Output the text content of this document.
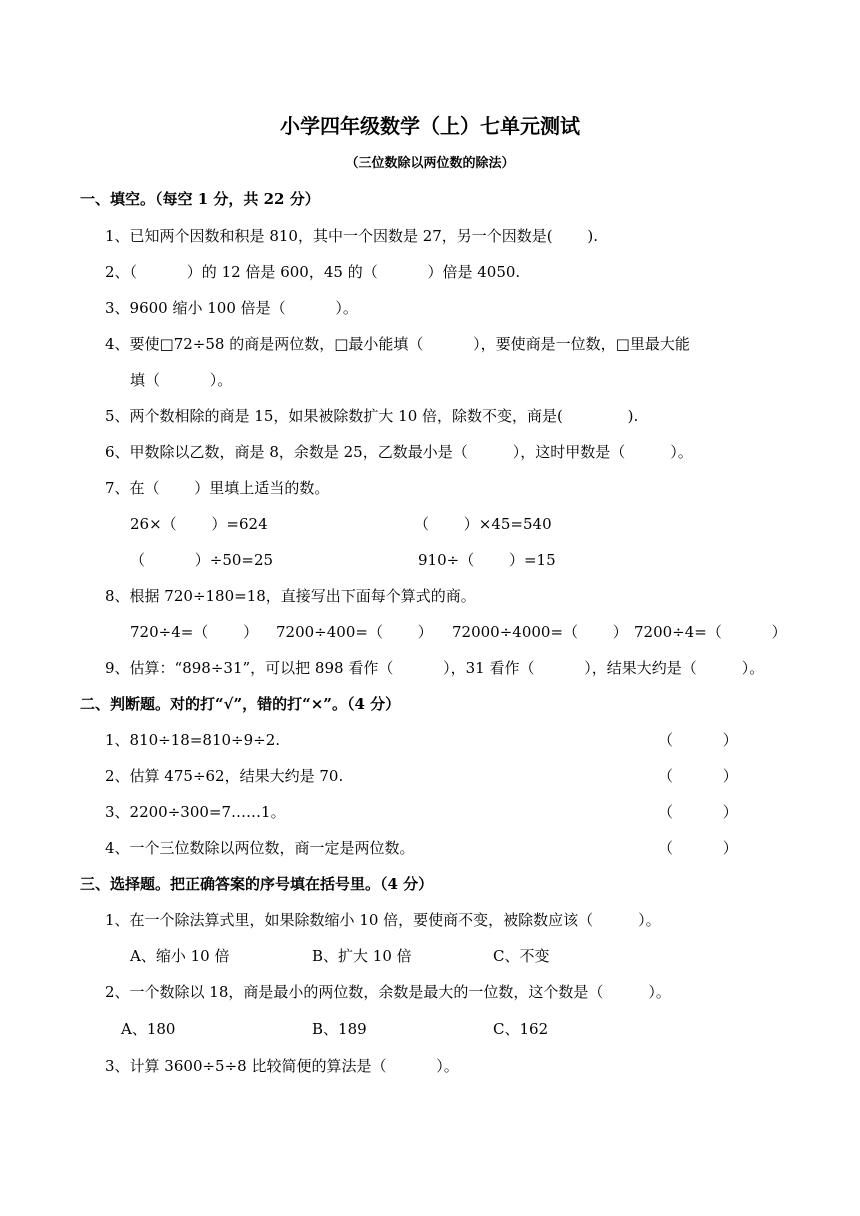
小学四年级数学（上）七单元测试
（三位数除以两位数的除法）
一、填空。（每空 1 分，共 22 分）
1、已知两个因数和积是 810，其中一个因数是 27，另一个因数是(　　 ).
2、（　　　 ）的 12 倍是 600，45 的（　　　 ）倍是 4050.
3、9600 缩小 100 倍是（　　　 ）。
4、要使□72÷58 的商是两位数，□最小能填（　　　 ），要使商是一位数，□里最大能
填（　　　 ）。
5、两个数相除的商是 15，如果被除数扩大 10 倍，除数不变，商是(　　　　 ).
6、甲数除以乙数，商是 8，余数是 25，乙数最小是（　　　），这时甲数是（　　　）。
7、在（　　 ）里填上适当的数。
26×（　　 ）=624	（　　 ）×45=540
（　　　 ）÷50=25	910÷（　　 ）=15
8、根据 720÷180=18，直接写出下面每个算式的商。
720÷4=（　　 ） 7200÷400=（　　 ） 72000÷4000=（　　 ） 7200÷4=（　　　 ）
9、估算：“898÷31”，可以把 898 看作（　　　 ），31 看作（　　　 ），结果大约是（　　　）。
二、判断题。对的打“√”，错的打“×”。（4 分）
1、810÷18=810÷9÷2.	（　　　 ）
2、估算 475÷62，结果大约是 70.	（　　　 ）
3、2200÷300=7……1。	（　　　 ）
4、一个三位数除以两位数，商一定是两位数。	（　　　 ）
三、选择题。把正确答案的序号填在括号里。（4 分）
1、在一个除法算式里，如果除数缩小 10 倍，要使商不变，被除数应该（　　　）。
A、缩小 10 倍	B、扩大 10 倍	C、不变
2、一个数除以 18，商是最小的两位数，余数是最大的一位数，这个数是（　　　）。
A、180	B、189	C、162
3、计算 3600÷5÷8 比较简便的算法是（　　　 ）。
